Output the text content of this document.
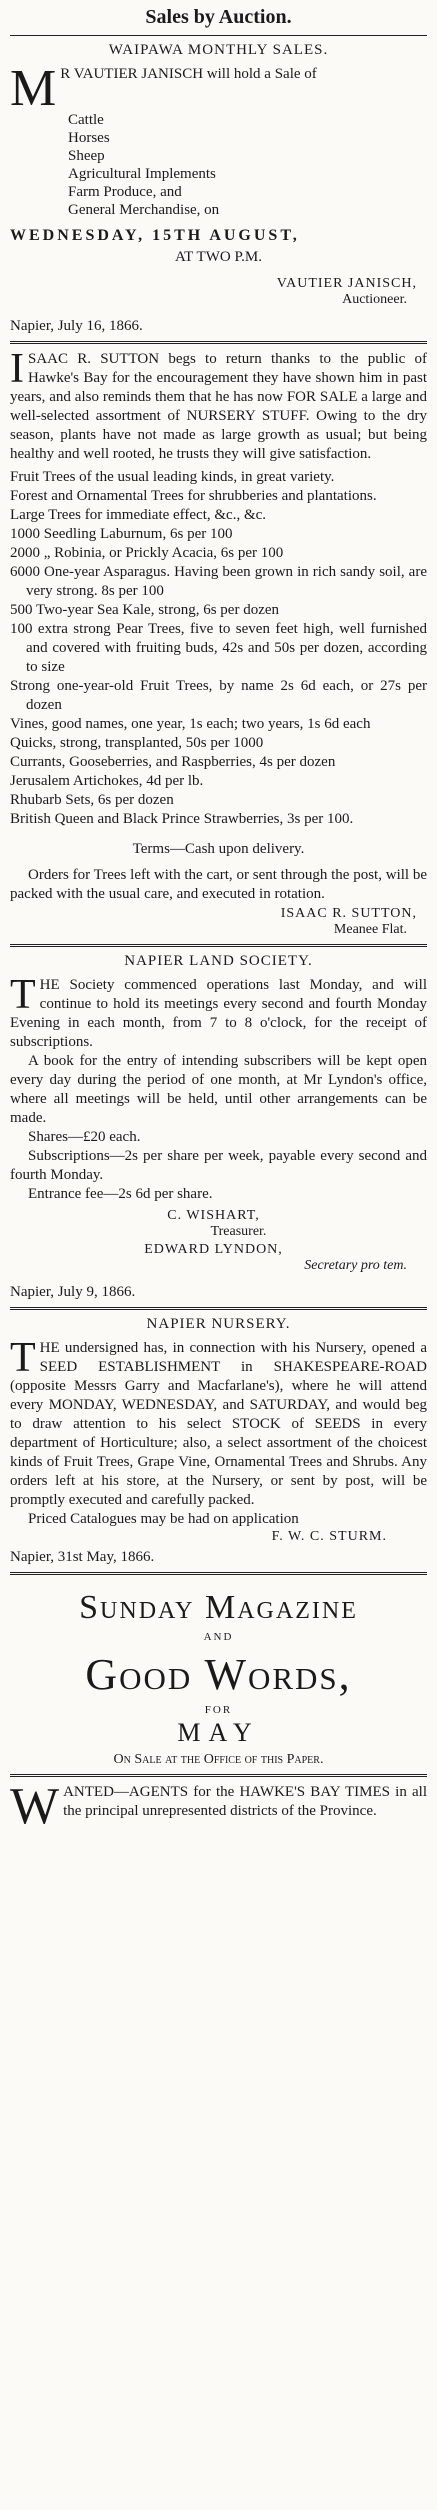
Sales by Auction.
WAIPAWA MONTHLY SALES.

M R VAUTIER JANISCH will hold a Sale of

Cattle
Horses
Sheep
Agricultural Implements
Farm Produce, and
General Merchandise, on
WEDNESDAY, 15TH AUGUST,
AT TWO P.M.
VAUTIER JANISCH,
Auctioneer.
Napier, July 16, 1866.

ISAAC R. SUTTON begs to return thanks to the public of Hawke's Bay for the encouragement they have shown him in past years, and also reminds them that he has now FOR SALE a large and well-selected assortment of NURSERY STUFF. Owing to the dry season, plants have not made as large growth as usual; but being healthy and well rooted, he trusts they will give satisfaction.

Fruit Trees of the usual leading kinds, in great variety.

Forest and Ornamental Trees for shrubberies and plantations.

Large Trees for immediate effect, &c., &c.

1000 Seedling Laburnum, 6s per 100

2000 „ Robinia, or Prickly Acacia, 6s per 100

6000 One-year Asparagus. Having been grown in rich sandy soil, are very strong. 8s per 100

500 Two-year Sea Kale, strong, 6s per dozen

100 extra strong Pear Trees, five to seven feet high, well furnished and covered with fruiting buds, 42s and 50s per dozen, according to size

Strong one-year-old Fruit Trees, by name 2s 6d each, or 27s per dozen

Vines, good names, one year, 1s each; two years, 1s 6d each

Quicks, strong, transplanted, 50s per 1000

Currants, Gooseberries, and Raspberries, 4s per dozen

Jerusalem Artichokes, 4d per lb.

Rhubarb Sets, 6s per dozen

British Queen and Black Prince Strawberries, 3s per 100.

Terms—Cash upon delivery.

Orders for Trees left with the cart, or sent through the post, will be packed with the usual care, and executed in rotation.

ISAAC R. SUTTON,
Meanee Flat.
NAPIER LAND SOCIETY.

THE Society commenced operations last Monday, and will continue to hold its meetings every second and fourth Monday Evening in each month, from 7 to 8 o'clock, for the receipt of subscriptions.

A book for the entry of intending subscribers will be kept open every day during the period of one month, at Mr Lyndon's office, where all meetings will be held, until other arrangements can be made.

Shares—£20 each.

Subscriptions—2s per share per week, payable every second and fourth Monday.

Entrance fee—2s 6d per share.

C. WISHART,
Treasurer.
EDWARD LYNDON,
Secretary pro tem.
Napier, July 9, 1866.
NAPIER NURSERY.

THE undersigned has, in connection with his Nursery, opened a SEED ESTABLISHMENT in SHAKESPEARE-ROAD (opposite Messrs Garry and Macfarlane's), where he will attend every MONDAY, WEDNESDAY, and SATURDAY, and would beg to draw attention to his select STOCK of SEEDS in every department of Horticulture; also, a select assortment of the choicest kinds of Fruit Trees, Grape Vine, Ornamental Trees and Shrubs. Any orders left at his store, at the Nursery, or sent by post, will be promptly executed and carefully packed.

Priced Catalogues may be had on application

F. W. C. STURM.
Napier, 31st May, 1866.
Sunday Magazine
AND
Good Words,
FOR
MAY
On Sale at the Office of this Paper.

WANTED—AGENTS for the HAWKE'S BAY TIMES in all the principal unrepresented districts of the Province.
